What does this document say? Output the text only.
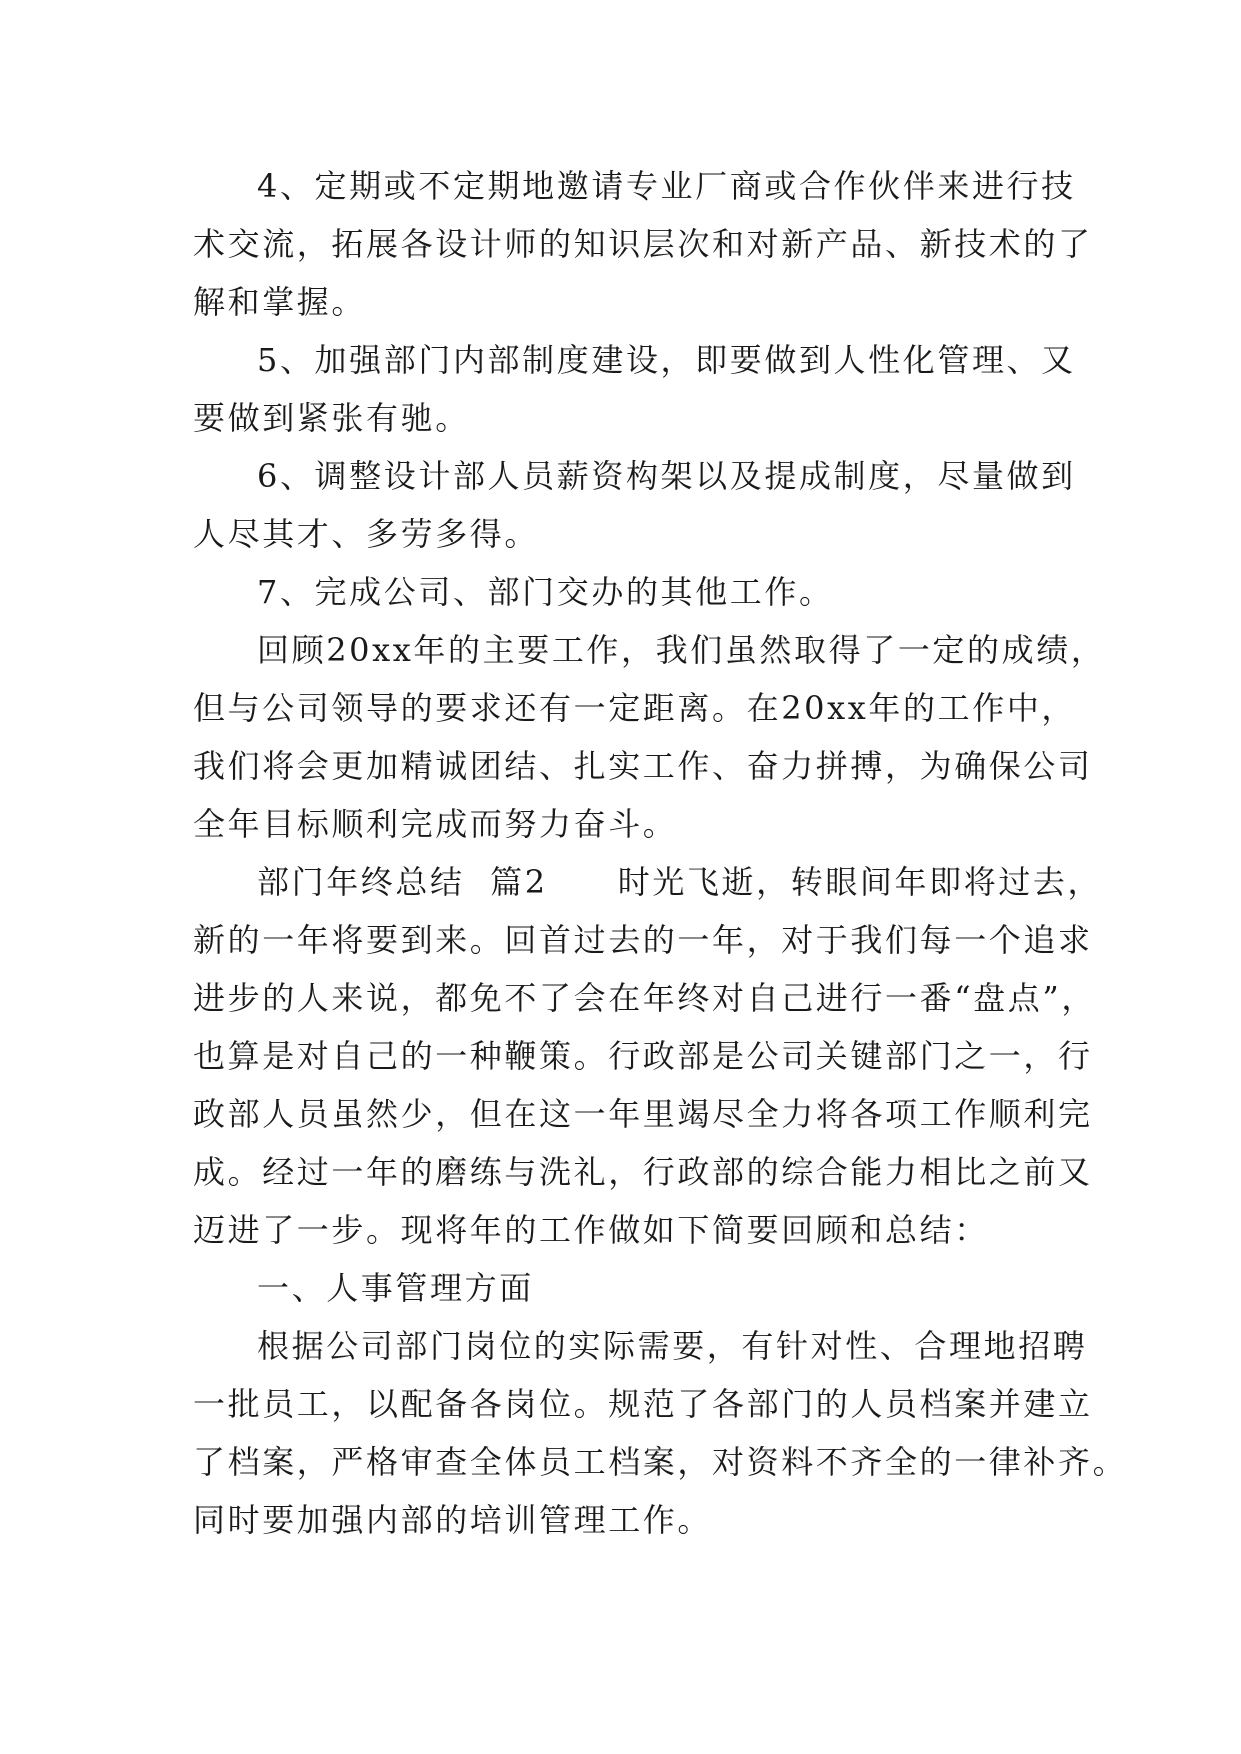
4、定期或不定期地邀请专业厂商或合作伙伴来进行技
术交流，拓展各设计师的知识层次和对新产品、新技术的了
解和掌握。

5、加强部门内部制度建设，即要做到人性化管理、又
要做到紧张有驰。

6、调整设计部人员薪资构架以及提成制度，尽量做到
人尽其才、多劳多得。

7、完成公司、部门交办的其他工作。

回顾20xx年的主要工作，我们虽然取得了一定的成绩，
但与公司领导的要求还有一定距离。在20xx年的工作中，
我们将会更加精诚团结、扎实工作、奋力拼搏，为确保公司
全年目标顺利完成而努力奋斗。

部门年终总结  篇2 时光飞逝，转眼间年即将过去，
新的一年将要到来。回首过去的一年，对于我们每一个追求
进步的人来说，都免不了会在年终对自己进行一番“盘点”，
也算是对自己的一种鞭策。行政部是公司关键部门之一，行
政部人员虽然少，但在这一年里竭尽全力将各项工作顺利完
成。经过一年的磨练与洗礼，行政部的综合能力相比之前又
迈进了一步。现将年的工作做如下简要回顾和总结：

一、人事管理方面

根据公司部门岗位的实际需要，有针对性、合理地招聘
一批员工，以配备各岗位。规范了各部门的人员档案并建立
了档案，严格审查全体员工档案，对资料不齐全的一律补齐。
同时要加强内部的培训管理工作。
